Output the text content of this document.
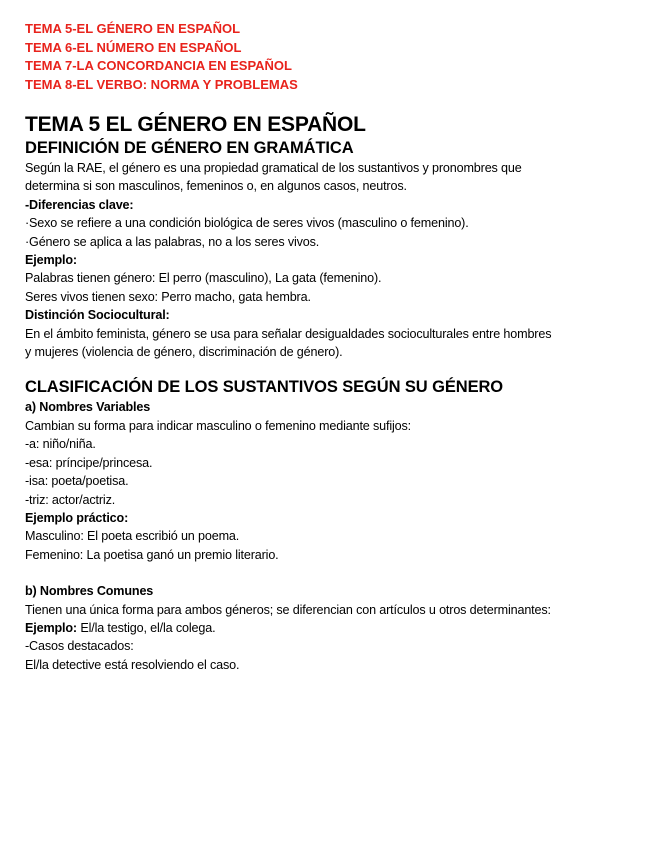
TEMA 5-EL GÉNERO EN ESPAÑOL
TEMA 6-EL NÚMERO EN ESPAÑOL
TEMA 7-LA CONCORDANCIA EN ESPAÑOL
TEMA 8-EL VERBO: NORMA Y PROBLEMAS
TEMA 5 EL GÉNERO EN ESPAÑOL
DEFINICIÓN DE GÉNERO EN GRAMÁTICA
Según la RAE, el género es una propiedad gramatical de los sustantivos y pronombres que
determina si son masculinos, femeninos o, en algunos casos, neutros.
-Diferencias clave:
·Sexo se refiere a una condición biológica de seres vivos (masculino o femenino).
·Género se aplica a las palabras, no a los seres vivos.
Ejemplo:
Palabras tienen género: El perro (masculino), La gata (femenino).
Seres vivos tienen sexo: Perro macho, gata hembra.
Distinción Sociocultural:
En el ámbito feminista, género se usa para señalar desigualdades socioculturales entre hombres
y mujeres (violencia de género, discriminación de género).
CLASIFICACIÓN DE LOS SUSTANTIVOS SEGÚN SU GÉNERO
a) Nombres Variables
Cambian su forma para indicar masculino o femenino mediante sufijos:
-a: niño/niña.
-esa: príncipe/princesa.
-isa: poeta/poetisa.
-triz: actor/actriz.
Ejemplo práctico:
Masculino: El poeta escribió un poema.
Femenino: La poetisa ganó un premio literario.
b) Nombres Comunes
Tienen una única forma para ambos géneros; se diferencian con artículos u otros determinantes:
Ejemplo: El/la testigo, el/la colega.
-Casos destacados:
El/la detective está resolviendo el caso.
